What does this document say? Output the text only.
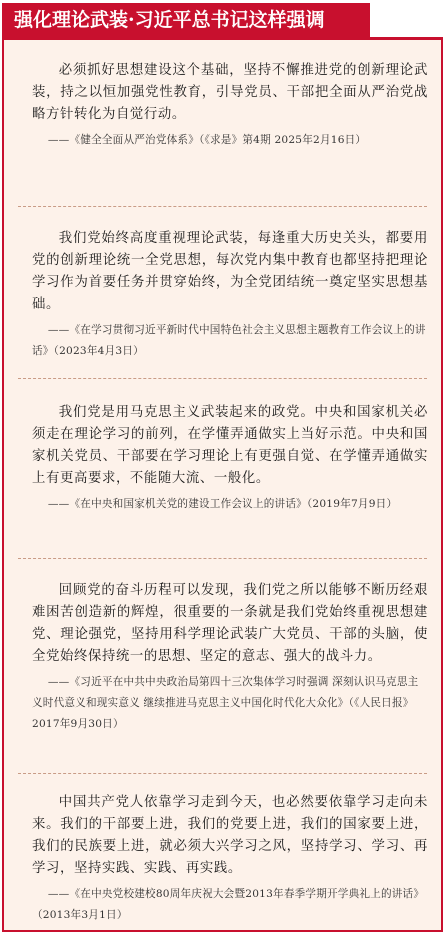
强化理论武装·习近平总书记这样强调

必须抓好思想建设这个基础，坚持不懈推进党的创新理论武装，持之以恒加强党性教育，引导党员、干部把全面从严治党战略方针转化为自觉行动。

——《健全全面从严治党体系》（《求是》第4期 2025年2月16日）

我们党始终高度重视理论武装，每逢重大历史关头，都要用党的创新理论统一全党思想，每次党内集中教育也都坚持把理论学习作为首要任务并贯穿始终，为全党团结统一奠定坚实思想基础。

——《在学习贯彻习近平新时代中国特色社会主义思想主题教育工作会议上的讲话》（2023年4月3日）

我们党是用马克思主义武装起来的政党。中央和国家机关必须走在理论学习的前列，在学懂弄通做实上当好示范。中央和国家机关党员、干部要在学习理论上有更强自觉、在学懂弄通做实上有更高要求，不能随大流、一般化。

——《在中央和国家机关党的建设工作会议上的讲话》（2019年7月9日）

回顾党的奋斗历程可以发现，我们党之所以能够不断历经艰难困苦创造新的辉煌，很重要的一条就是我们党始终重视思想建党、理论强党，坚持用科学理论武装广大党员、干部的头脑，使全党始终保持统一的思想、坚定的意志、强大的战斗力。

——《习近平在中共中央政治局第四十三次集体学习时强调 深刻认识马克思主义时代意义和现实意义 继续推进马克思主义中国化时代化大众化》（《人民日报》2017年9月30日）

中国共产党人依靠学习走到今天，也必然要依靠学习走向未来。我们的干部要上进，我们的党要上进，我们的国家要上进，我们的民族要上进，就必须大兴学习之风，坚持学习、学习、再学习，坚持实践、实践、再实践。

——《在中央党校建校80周年庆祝大会暨2013年春季学期开学典礼上的讲话》（2013年3月1日）
